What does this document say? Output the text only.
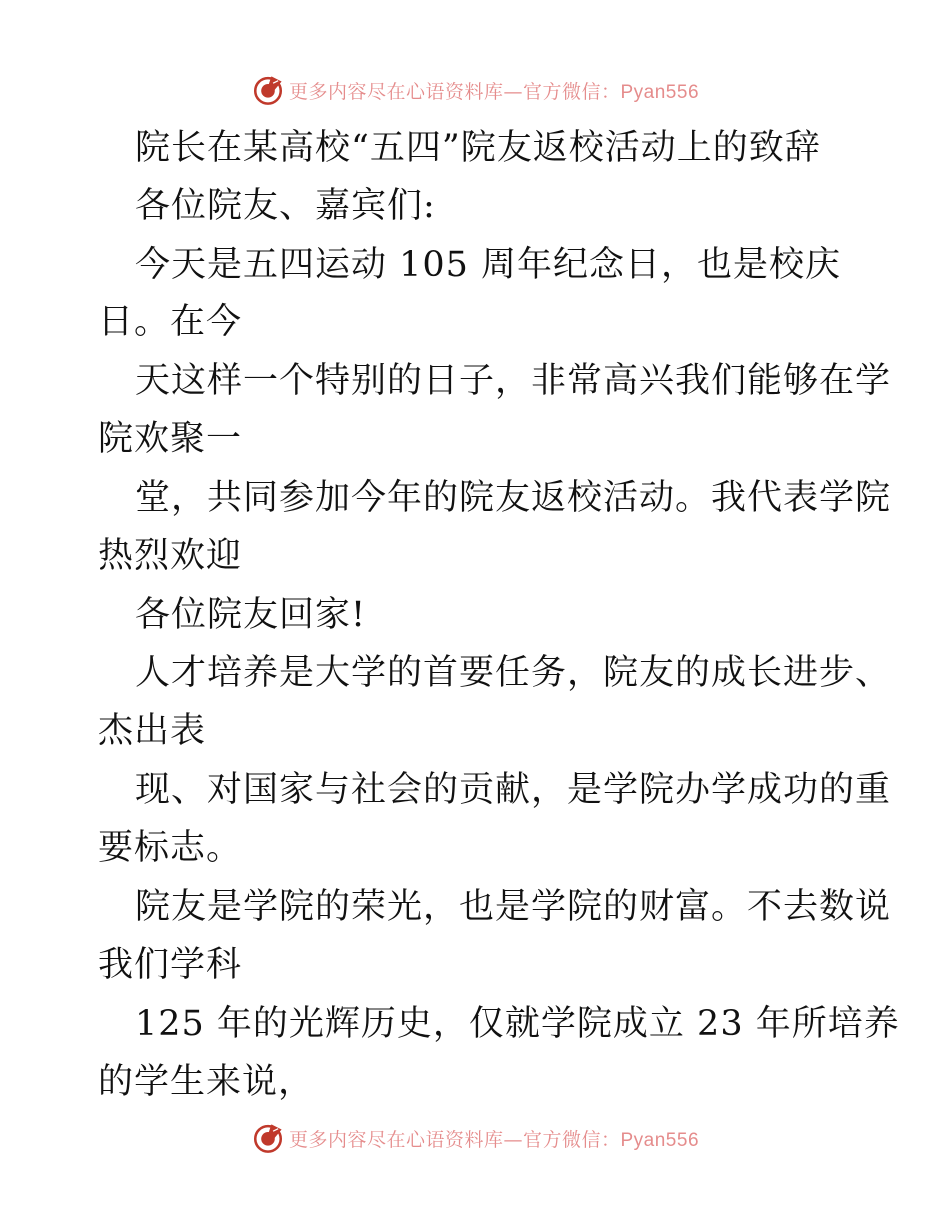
更多内容尽在心语资料库—官方微信：Pyan556
院长在某高校“五四”院友返校活动上的致辞
各位院友、嘉宾们:
今天是五四运动 105 周年纪念日，也是校庆
日。在今
天这样一个特别的日子，非常高兴我们能够在学
院欢聚一
堂，共同参加今年的院友返校活动。我代表学院
热烈欢迎
各位院友回家!
人才培养是大学的首要任务，院友的成长进步、
杰出表
现、对国家与社会的贡献，是学院办学成功的重
要标志。
院友是学院的荣光，也是学院的财富。不去数说
我们学科
125 年的光辉历史，仅就学院成立 23 年所培养
的学生来说，
更多内容尽在心语资料库—官方微信：Pyan556
